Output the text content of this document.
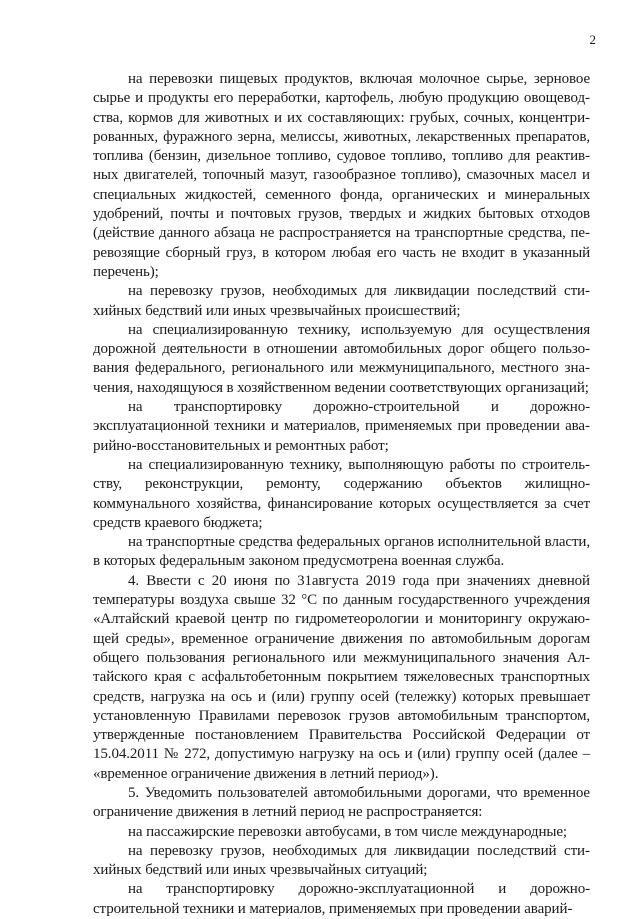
2

на перевозки пищевых продуктов, включая молочное сырье, зерновое сырье и продукты его переработки, картофель, любую продукцию овощеводства, кормов для животных и их составляющих: грубых, сочных, концентрированных, фуражного зерна, мелиссы, животных, лекарственных препаратов, топлива (бензин, дизельное топливо, судовое топливо, топливо для реактивных двигателей, топочный мазут, газообразное топливо), смазочных масел и специальных жидкостей, семенного фонда, органических и минеральных удобрений, почты и почтовых грузов, твердых и жидких бытовых отходов (действие данного абзаца не распространяется на транспортные средства, перевозящие сборный груз, в котором любая его часть не входит в указанный перечень);

на перевозку грузов, необходимых для ликвидации последствий стихийных бедствий или иных чрезвычайных происшествий;

на специализированную технику, используемую для осуществления дорожной деятельности в отношении автомобильных дорог общего пользования федерального, регионального или межмуниципального, местного значения, находящуюся в хозяйственном ведении соответствующих организаций;

на транспортировку дорожно-строительной и дорожно-эксплуатационной техники и материалов, применяемых при проведении аварийно-восстановительных и ремонтных работ;

на специализированную технику, выполняющую работы по строительству, реконструкции, ремонту, содержанию объектов жилищно-коммунального хозяйства, финансирование которых осуществляется за счет средств краевого бюджета;

на транспортные средства федеральных органов исполнительной власти, в которых федеральным законом предусмотрена военная служба.

4. Ввести с 20 июня по 31августа 2019 года при значениях дневной температуры воздуха свыше 32 °С по данным государственного учреждения «Алтайский краевой центр по гидрометеорологии и мониторингу окружающей среды», временное ограничение движения по автомобильным дорогам общего пользования регионального или межмуниципального значения Алтайского края с асфальтобетонным покрытием тяжеловесных транспортных средств, нагрузка на ось и (или) группу осей (тележку) которых превышает установленную Правилами перевозок грузов автомобильным транспортом, утвержденные постановлением Правительства Российской Федерации от 15.04.2011 № 272, допустимую нагрузку на ось и (или) группу осей (далее – «временное ограничение движения в летний период»).

5. Уведомить пользователей автомобильными дорогами, что временное ограничение движения в летний период не распространяется:

на пассажирские перевозки автобусами, в том числе международные;

на перевозку грузов, необходимых для ликвидации последствий стихийных бедствий или иных чрезвычайных ситуаций;

на транспортировку дорожно-эксплуатационной и дорожно-строительной техники и материалов, применяемых при проведении аварий-
